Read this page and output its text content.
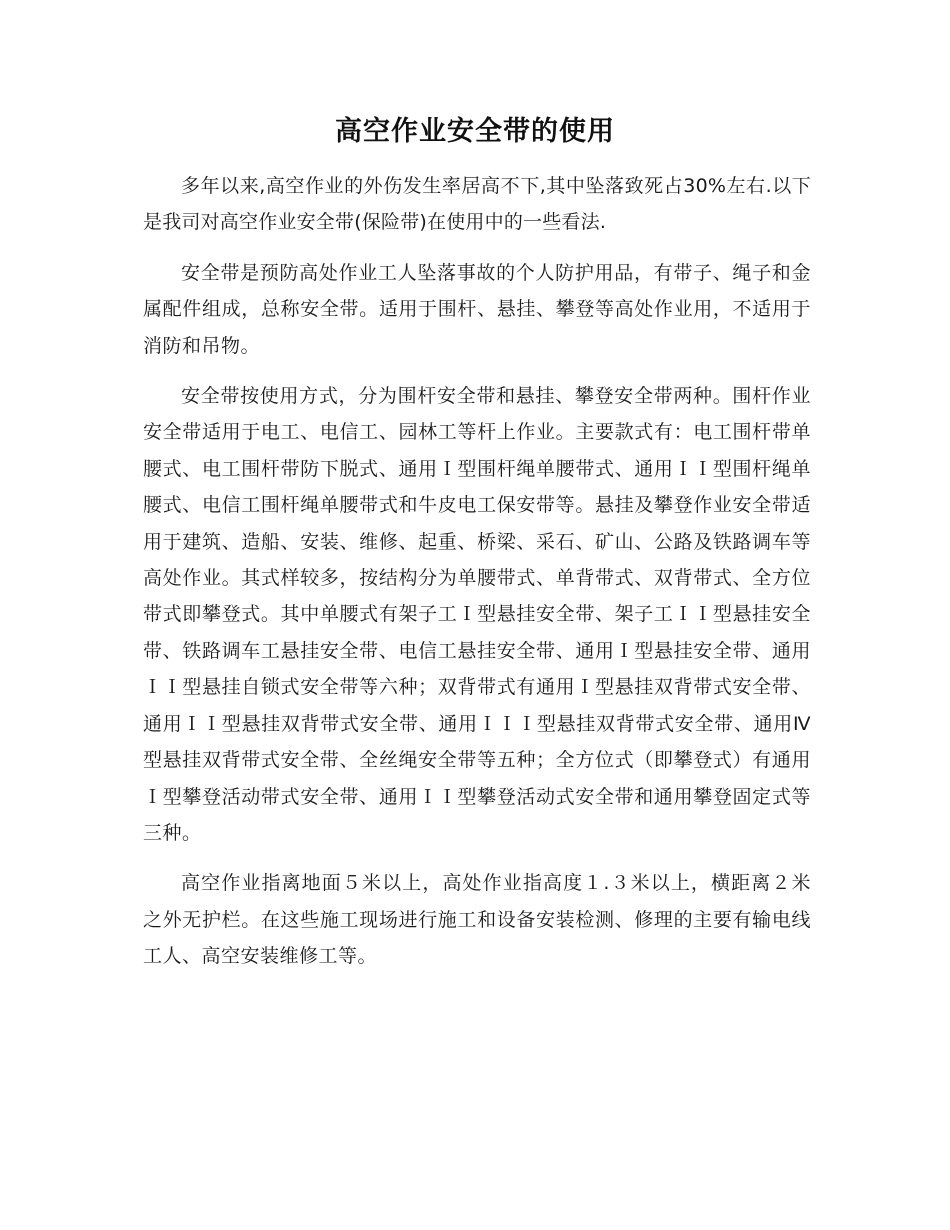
高空作业安全带的使用

多年以来,高空作业的外伤发生率居高不下,其中坠落致死占30%左右.以下是我司对高空作业安全带(保险带)在使用中的一些看法.

安全带是预防高处作业工人坠落事故的个人防护用品，有带子、绳子和金属配件组成，总称安全带。适用于围杆、悬挂、攀登等高处作业用，不适用于消防和吊物。

安全带按使用方式，分为围杆安全带和悬挂、攀登安全带两种。围杆作业安全带适用于电工、电信工、园林工等杆上作业。主要款式有：电工围杆带单腰式、电工围杆带防下脱式、通用Ｉ型围杆绳单腰带式、通用ＩＩ型围杆绳单腰式、电信工围杆绳单腰带式和牛皮电工保安带等。悬挂及攀登作业安全带适用于建筑、造船、安装、维修、起重、桥梁、采石、矿山、公路及铁路调车等高处作业。其式样较多，按结构分为单腰带式、单背带式、双背带式、全方位带式即攀登式。其中单腰式有架子工Ｉ型悬挂安全带、架子工ＩＩ型悬挂安全带、铁路调车工悬挂安全带、电信工悬挂安全带、通用Ｉ型悬挂安全带、通用ＩＩ型悬挂自锁式安全带等六种；双背带式有通用Ｉ型悬挂双背带式安全带、通用ＩＩ型悬挂双背带式安全带、通用ＩＩＩ型悬挂双背带式安全带、通用Ⅳ型悬挂双背带式安全带、全丝绳安全带等五种；全方位式（即攀登式）有通用Ｉ型攀登活动带式安全带、通用ＩＩ型攀登活动式安全带和通用攀登固定式等三种。

高空作业指离地面５米以上，高处作业指高度１.３米以上，横距离２米之外无护栏。在这些施工现场进行施工和设备安装检测、修理的主要有输电线工人、高空安装维修工等。
